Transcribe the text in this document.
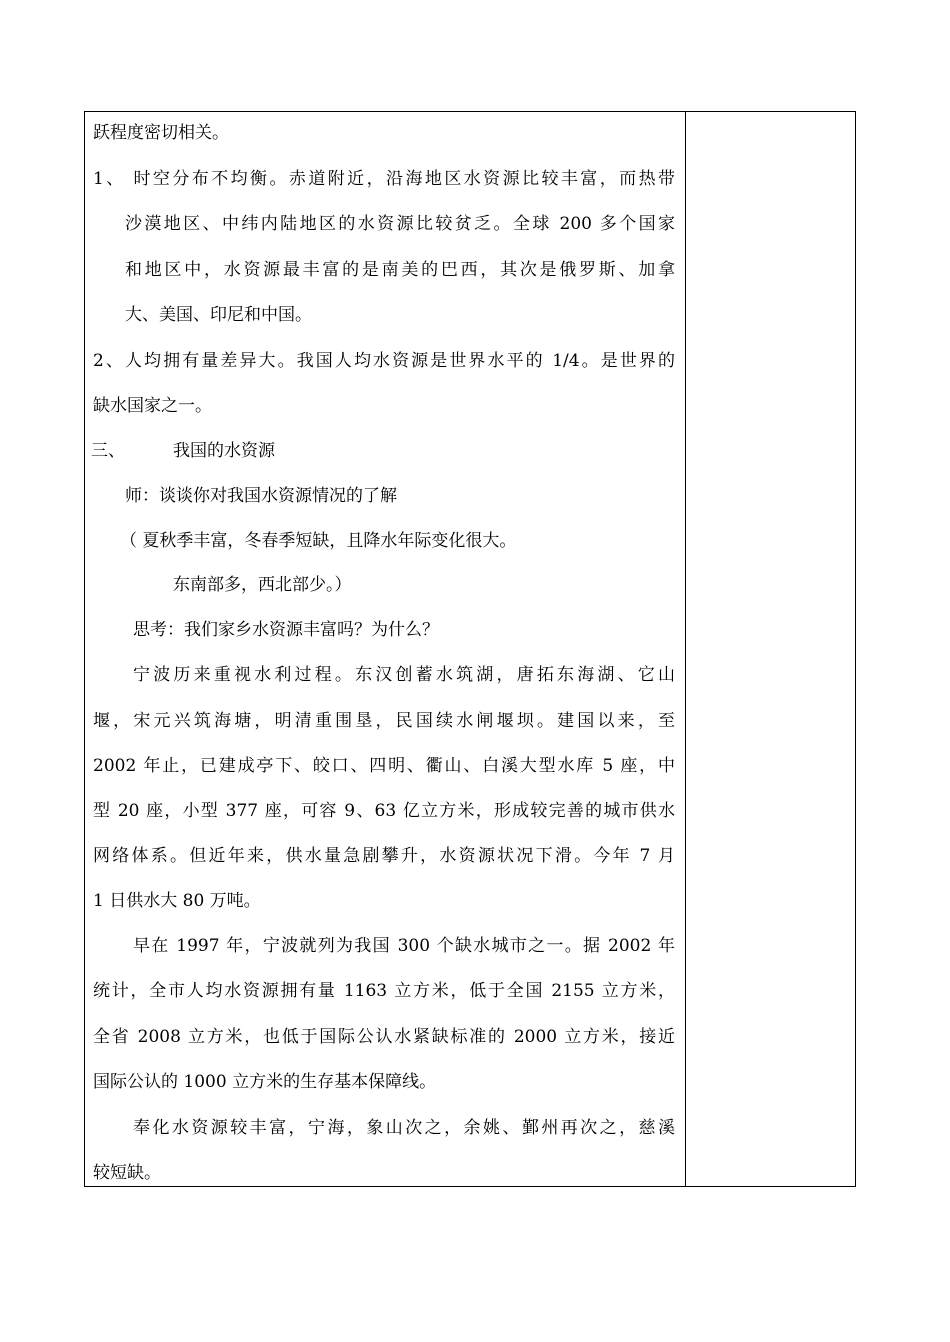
跃程度密切相关。
1、 时空分布不均衡。赤道附近，沿海地区水资源比较丰富，而热带
沙漠地区、中纬内陆地区的水资源比较贫乏。全球 200 多个国家
和地区中，水资源最丰富的是南美的巴西，其次是俄罗斯、加拿
大、美国、印尼和中国。
2、人均拥有量差异大。我国人均水资源是世界水平的 1/4。是世界的
缺水国家之一。
三、	我国的水资源
师：谈谈你对我国水资源情况的了解
（ 夏秋季丰富，冬春季短缺，且降水年际变化很大。
东南部多，西北部少。）
思考：我们家乡水资源丰富吗？为什么？
宁波历来重视水利过程。东汉创蓄水筑湖，唐拓东海湖、它山
堰，宋元兴筑海塘，明清重围垦，民国续水闸堰坝。建国以来，至
2002 年止，已建成亭下、皎口、四明、衢山、白溪大型水库 5 座，中
型 20 座，小型 377 座，可容 9、63 亿立方米，形成较完善的城市供水
网络体系。但近年来，供水量急剧攀升，水资源状况下滑。今年 7 月
1 日供水大 80 万吨。
早在 1997 年，宁波就列为我国 300 个缺水城市之一。据 2002 年
统计，全市人均水资源拥有量 1163 立方米，低于全国 2155 立方米，
全省 2008 立方米，也低于国际公认水紧缺标准的 2000 立方米，接近
国际公认的 1000 立方米的生存基本保障线。
奉化水资源较丰富，宁海，象山次之，余姚、鄞州再次之，慈溪
较短缺。
